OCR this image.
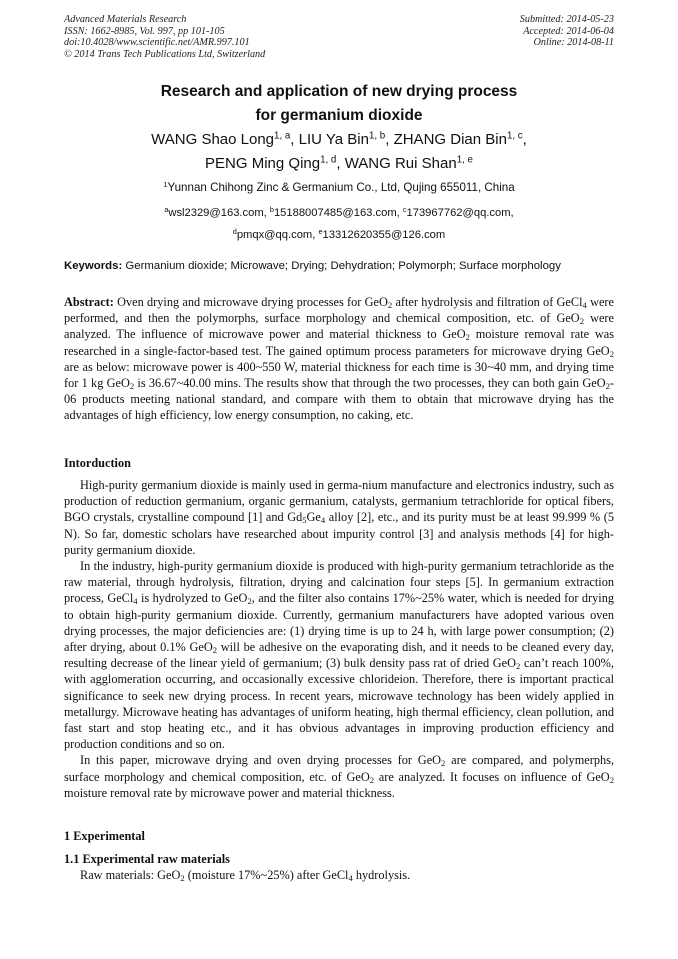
Advanced Materials Research
ISSN: 1662-8985, Vol. 997, pp 101-105
doi:10.4028/www.scientific.net/AMR.997.101
© 2014 Trans Tech Publications Ltd, Switzerland
Submitted: 2014-05-23
Accepted: 2014-06-04
Online: 2014-08-11
Research and application of new drying process
for germanium dioxide
WANG Shao Long$^{1, a}$, LIU Ya Bin$^{1, b}$, ZHANG Dian Bin$^{1, c}$,
PENG Ming Qing$^{1, d}$, WANG Rui Shan$^{1, e}$
$^1$Yunnan Chihong Zinc & Germanium Co., Ltd, Qujing 655011, China
$^a$wsl2329@163.com, $^b$15188007485@163.com, $^c$173967762@qq.com,
$^d$pmqx@qq.com, $^e$13312620355@126.com
Keywords: Germanium dioxide; Microwave; Drying; Dehydration; Polymorph; Surface morphology

Abstract: Oven drying and microwave drying processes for GeO$_2$ after hydrolysis and filtration of GeCl$_4$ were performed, and then the polymorphs, surface morphology and chemical composition, etc. of GeO$_2$ were analyzed. The influence of microwave power and material thickness to GeO$_2$ moisture removal rate was researched in a single-factor-based test. The gained optimum process parameters for microwave drying GeO$_2$ are as below: microwave power is 400~550 W, material thickness for each time is 30~40 mm, and drying time for 1 kg GeO$_2$ is 36.67~40.00 mins. The results show that through the two processes, they can both gain GeO$_2$-06 products meeting national standard, and compare with them to obtain that microwave drying has the advantages of high efficiency, low energy consumption, no caking, etc.

Intorduction

High-purity germanium dioxide is mainly used in germa-nium manufacture and electronics industry, such as production of reduction germanium, organic germanium, catalysts, germanium tetrachloride for optical fibers, BGO crystals, crystalline compound [1] and $Gd_5Ge_4$ alloy [2], etc., and its purity must be at least 99.999 % (5 N). So far, domestic scholars have researched about impurity control [3] and analysis methods [4] for high-purity germanium dioxide.

In the industry, high-purity germanium dioxide is produced with high-purity germanium tetrachloride as the raw material, through hydrolysis, filtration, drying and calcination four steps [5]. In germanium extraction process, GeCl$_4$ is hydrolyzed to GeO$_2$, and the filter also contains 17%~25% water, which is needed for drying to obtain high-purity germanium dioxide. Currently, germanium manufacturers have adopted various oven drying processes, the major deficiencies are: (1) drying time is up to 24 h, with large power consumption; (2) after drying, about 0.1% GeO$_2$ will be adhesive on the evaporating dish, and it needs to be cleaned every day, resulting decrease of the linear yield of germanium; (3) bulk density pass rat of dried GeO$_2$ can’t reach 100%, with agglomeration occurring, and occasionally excessive chlorideion. Therefore, there is important practical significance to seek new drying process. In recent years, microwave technology has been widely applied in metallurgy. Microwave heating has advantages of uniform heating, high thermal efficiency, clean pollution, and fast start and stop heating etc., and it has obvious advantages in improving production efficiency and production conditions and so on.

In this paper, microwave drying and oven drying processes for GeO$_2$ are compared, and polymerphs, surface morphology and chemical composition, etc. of GeO$_2$ are analyzed. It focuses on influence of GeO$_2$ moisture removal rate by microwave power and material thickness.

1 Experimental
1.1 Experimental raw materials

Raw materials: GeO$_2$ (moisture 17%~25%) after GeCl$_4$ hydrolysis.
